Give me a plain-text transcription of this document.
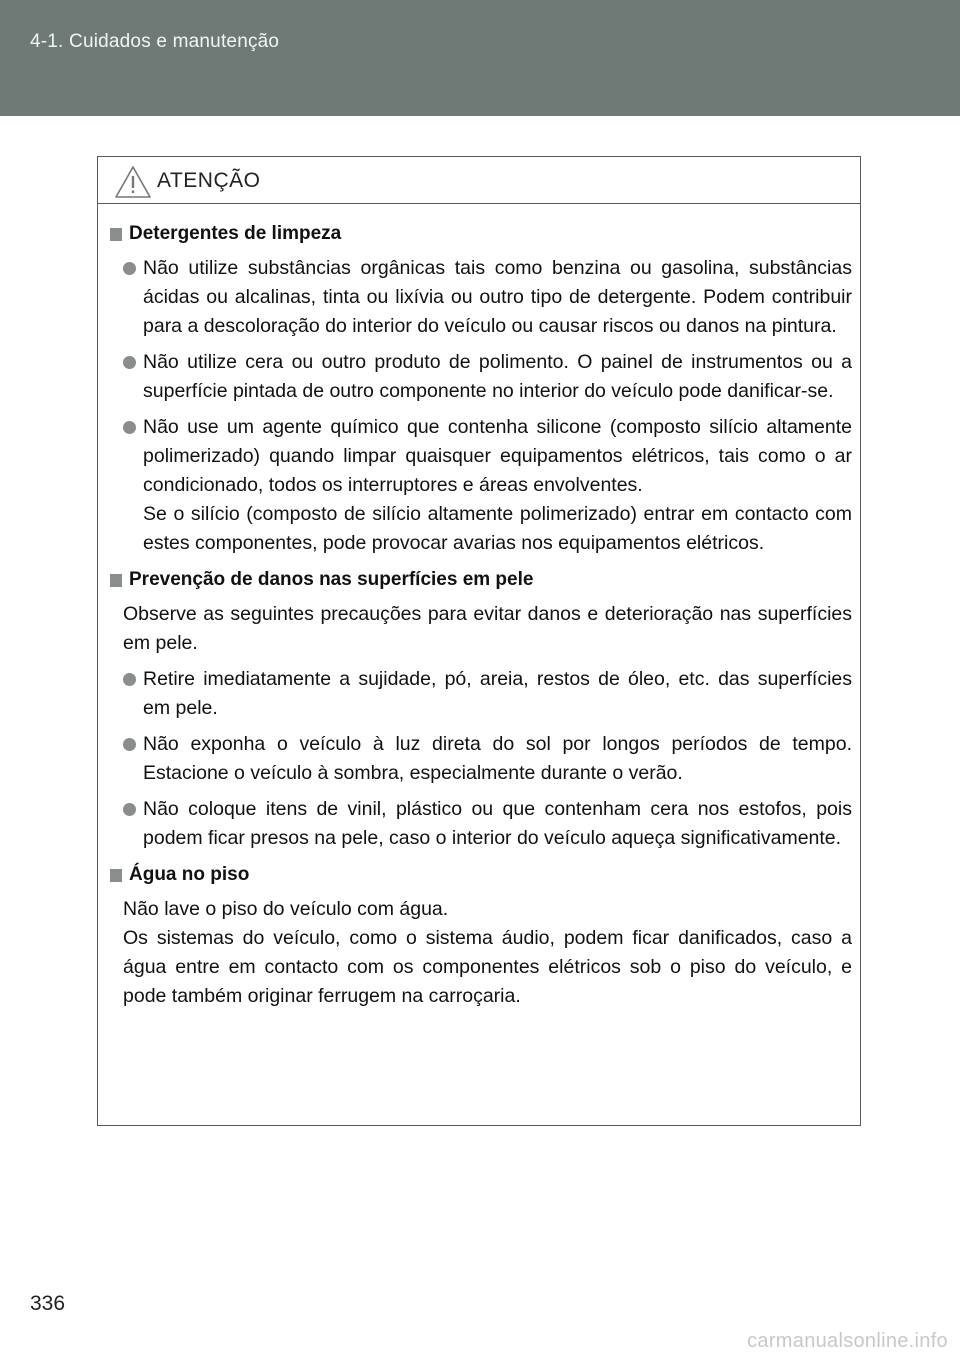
4-1. Cuidados e manutenção
ATENÇÃO
Detergentes de limpeza
Não utilize substâncias orgânicas tais como benzina ou gasolina, substâncias ácidas ou alcalinas, tinta ou lixívia ou outro tipo de detergente. Podem contribuir para a descoloração do interior do veículo ou causar riscos ou danos na pintura.
Não utilize cera ou outro produto de polimento. O painel de instrumentos ou a superfície pintada de outro componente no interior do veículo pode danificar-se.
Não use um agente químico que contenha silicone (composto silício altamente polimerizado) quando limpar quaisquer equipamentos elétricos, tais como o ar condicionado, todos os interruptores e áreas envolventes.
Se o silício (composto de silício altamente polimerizado) entrar em contacto com estes componentes, pode provocar avarias nos equipamentos elétricos.
Prevenção de danos nas superfícies em pele
Observe as seguintes precauções para evitar danos e deterioração nas superfícies em pele.
Retire imediatamente a sujidade, pó, areia, restos de óleo, etc. das superfícies em pele.
Não exponha o veículo à luz direta do sol por longos períodos de tempo. Estacione o veículo à sombra, especialmente durante o verão.
Não coloque itens de vinil, plástico ou que contenham cera nos estofos, pois podem ficar presos na pele, caso o interior do veículo aqueça significativamente.
Água no piso
Não lave o piso do veículo com água.
Os sistemas do veículo, como o sistema áudio, podem ficar danificados, caso a água entre em contacto com os componentes elétricos sob o piso do veículo, e pode também originar ferrugem na carroçaria.
336
carmanualsonline.info
